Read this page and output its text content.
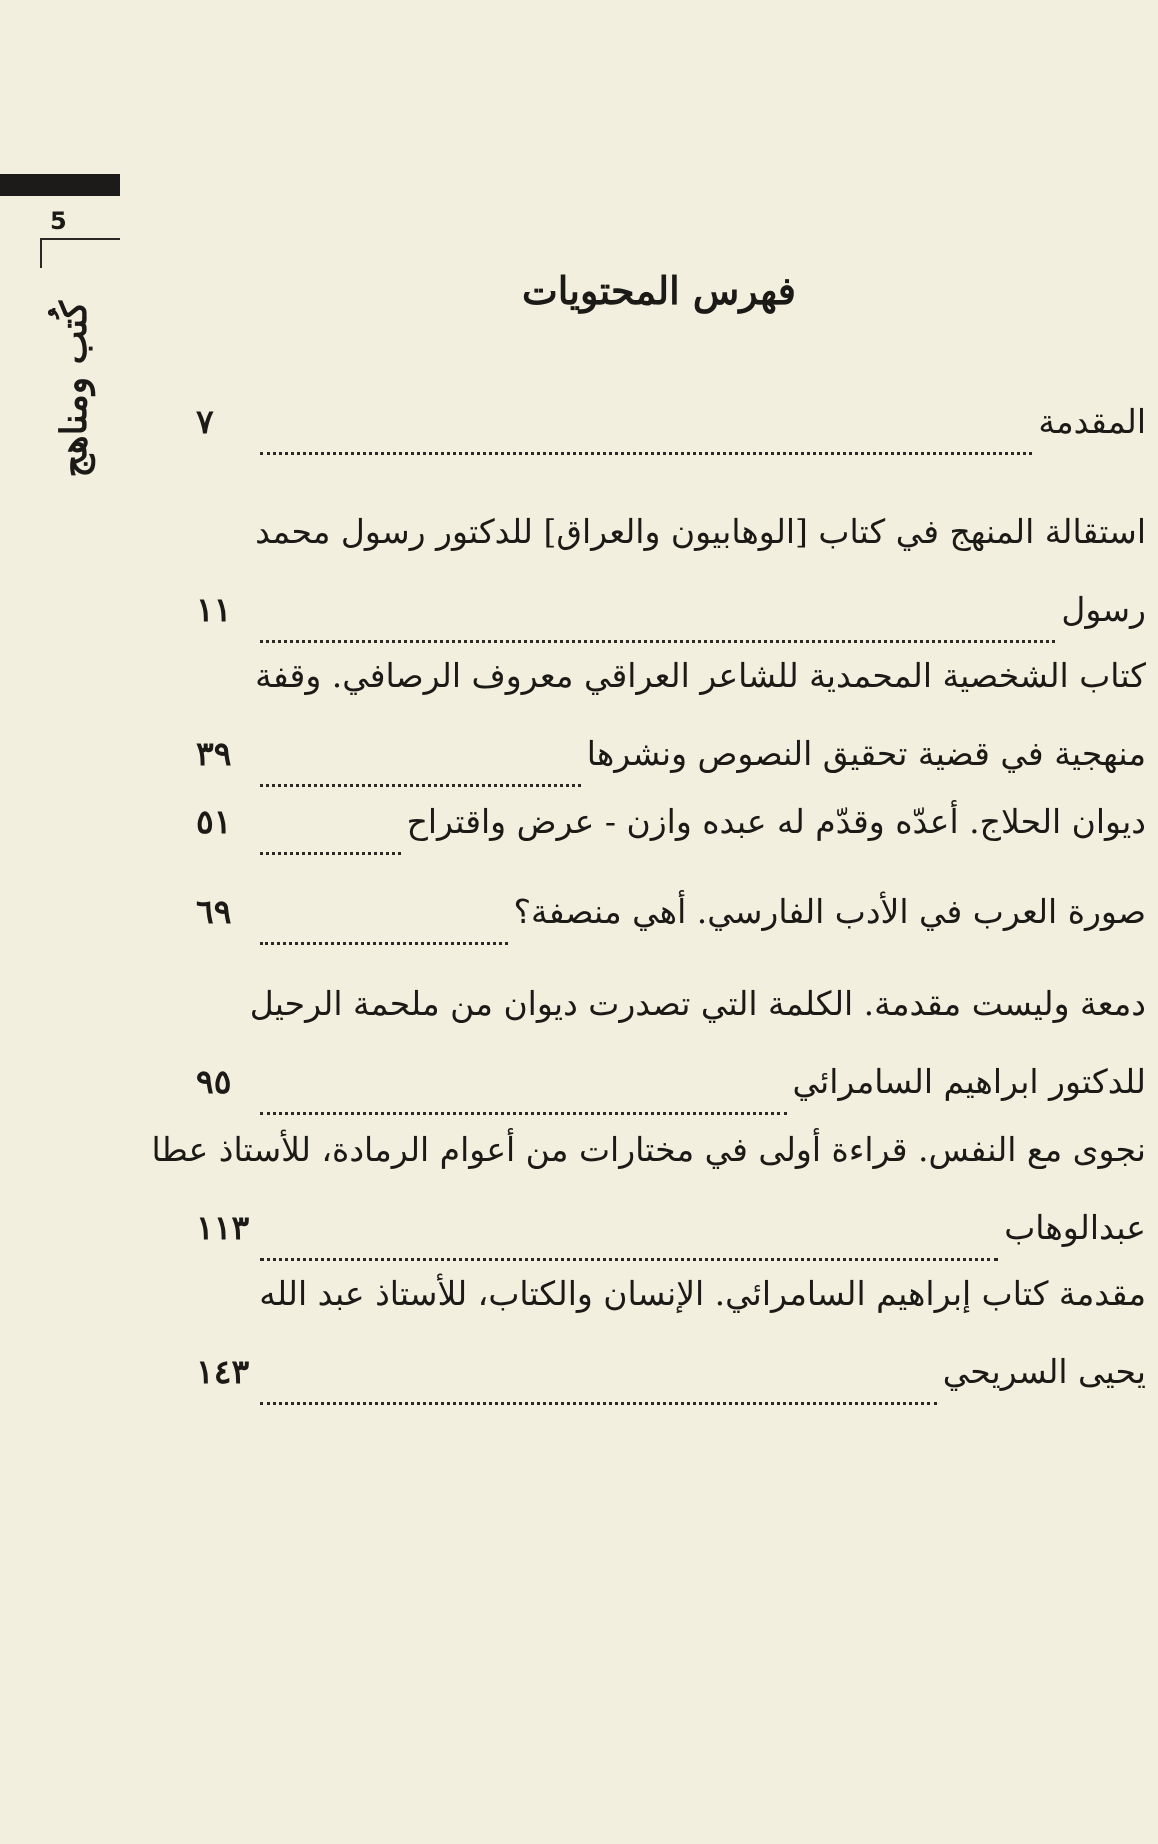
5
كُتب ومناهج
فهرس المحتويات
المقدمة
٧
استقالة المنهج في كتاب [الوهابيون والعراق] للدكتور رسول محمد
رسول
١١
كتاب الشخصية المحمدية للشاعر العراقي معروف الرصافي. وقفة
منهجية في قضية تحقيق النصوص ونشرها
٣٩
ديوان الحلاج. أعدّه وقدّم له عبده وازن - عرض واقتراح
٥١
صورة العرب في الأدب الفارسي. أهي منصفة؟
٦٩
دمعة وليست مقدمة. الكلمة التي تصدرت ديوان من ملحمة الرحيل
للدكتور ابراهيم السامرائي
٩٥
نجوى مع النفس. قراءة أولى في مختارات من أعوام الرمادة، للأستاذ عطا
عبدالوهاب
١١٣
مقدمة كتاب إبراهيم السامرائي. الإنسان والكتاب، للأستاذ عبد الله
يحيى السريحي
١٤٣
